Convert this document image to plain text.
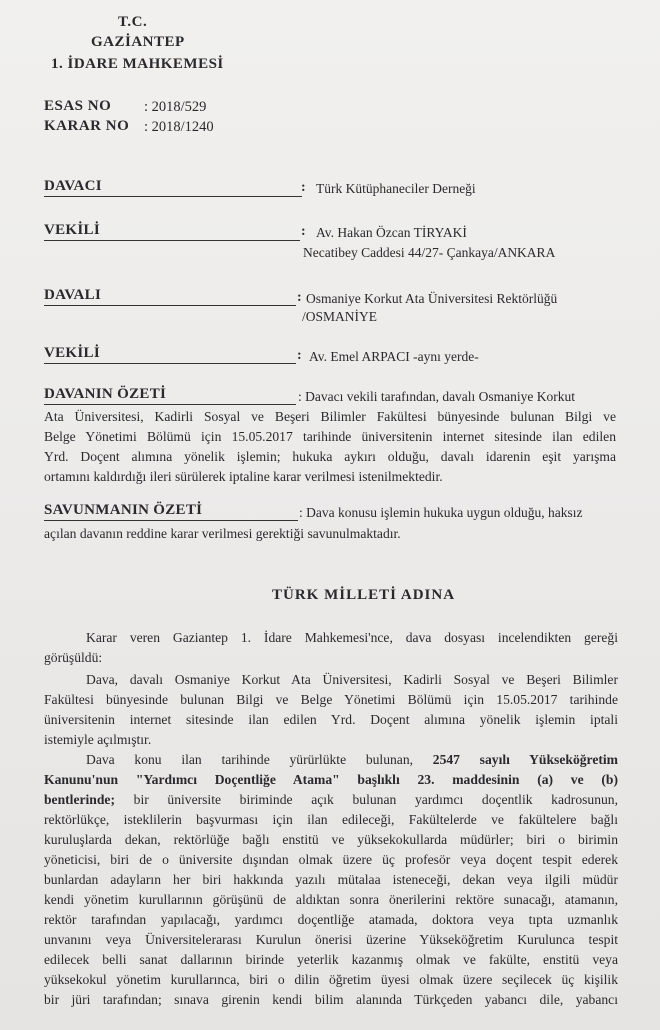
T.C.
GAZİANTEP
1. İDARE MAHKEMESİ
ESAS NO : 2018/529
KARAR NO : 2018/1240
DAVACI	: Türk Kütüphaneciler Derneği
VEKİLİ	: Av. Hakan Özcan TİRYAKİ
Necatibey Caddesi 44/27- Çankaya/ANKARA
DAVALI	: Osmaniye Korkut Ata Üniversitesi Rektörlüğü
/OSMANİYE
VEKİLİ	: Av. Emel ARPACI -aynı yerde-
DAVANIN ÖZETİ	: Davacı vekili tarafından, davalı Osmaniye Korkut
Ata Üniversitesi, Kadirli Sosyal ve Beşeri Bilimler Fakültesi bünyesinde bulunan Bilgi ve
Belge Yönetimi Bölümü için 15.05.2017 tarihinde üniversitenin internet sitesinde ilan edilen
Yrd. Doçent alımına yönelik işlemin; hukuka aykırı olduğu, davalı idarenin eşit yarışma
ortamını kaldırdığı ileri sürülerek iptaline karar verilmesi istenilmektedir.
SAVUNMANIN ÖZETİ	: Dava konusu işlemin hukuka uygun olduğu, haksız
açılan davanın reddine karar verilmesi gerektiği savunulmaktadır.
TÜRK MİLLETİ ADINA
Karar veren Gaziantep 1. İdare Mahkemesi'nce, dava dosyası incelendikten gereği
görüşüldü:
Dava, davalı Osmaniye Korkut Ata Üniversitesi, Kadirli Sosyal ve Beşeri Bilimler
Fakültesi bünyesinde bulunan Bilgi ve Belge Yönetimi Bölümü için 15.05.2017 tarihinde
üniversitenin internet sitesinde ilan edilen Yrd. Doçent alımına yönelik işlemin iptali
istemiyle açılmıştır.
Dava konu ilan tarihinde yürürlükte bulunan, 2547 sayılı Yükseköğretim
Kanunu'nun "Yardımcı Doçentliğe Atama" başlıklı 23. maddesinin (a) ve (b)
bentlerinde; bir üniversite biriminde açık bulunan yardımcı doçentlik kadrosunun,
rektörlükçe, isteklilerin başvurması için ilan edileceği, Fakültelerde ve fakültelere bağlı
kuruluşlarda dekan, rektörlüğe bağlı enstitü ve yüksekokullarda müdürler; biri o birimin
yöneticisi, biri de o üniversite dışından olmak üzere üç profesör veya doçent tespit ederek
bunlardan adayların her biri hakkında yazılı mütalaa isteneceği, dekan veya ilgili müdür
kendi yönetim kurullarının görüşünü de aldıktan sonra önerilerini rektöre sunacağı, atamanın,
rektör tarafından yapılacağı, yardımcı doçentliğe atamada, doktora veya tıpta uzmanlık
unvanını veya Üniversitelerarası Kurulun önerisi üzerine Yükseköğretim Kurulunca tespit
edilecek belli sanat dallarının birinde yeterlik kazanmış olmak ve fakülte, enstitü veya
yüksekokul yönetim kurullarınca, biri o dilin öğretim üyesi olmak üzere seçilecek üç kişilik
bir jüri tarafından; sınava girenin kendi bilim alanında Türkçeden yabancı dile, yabancı
